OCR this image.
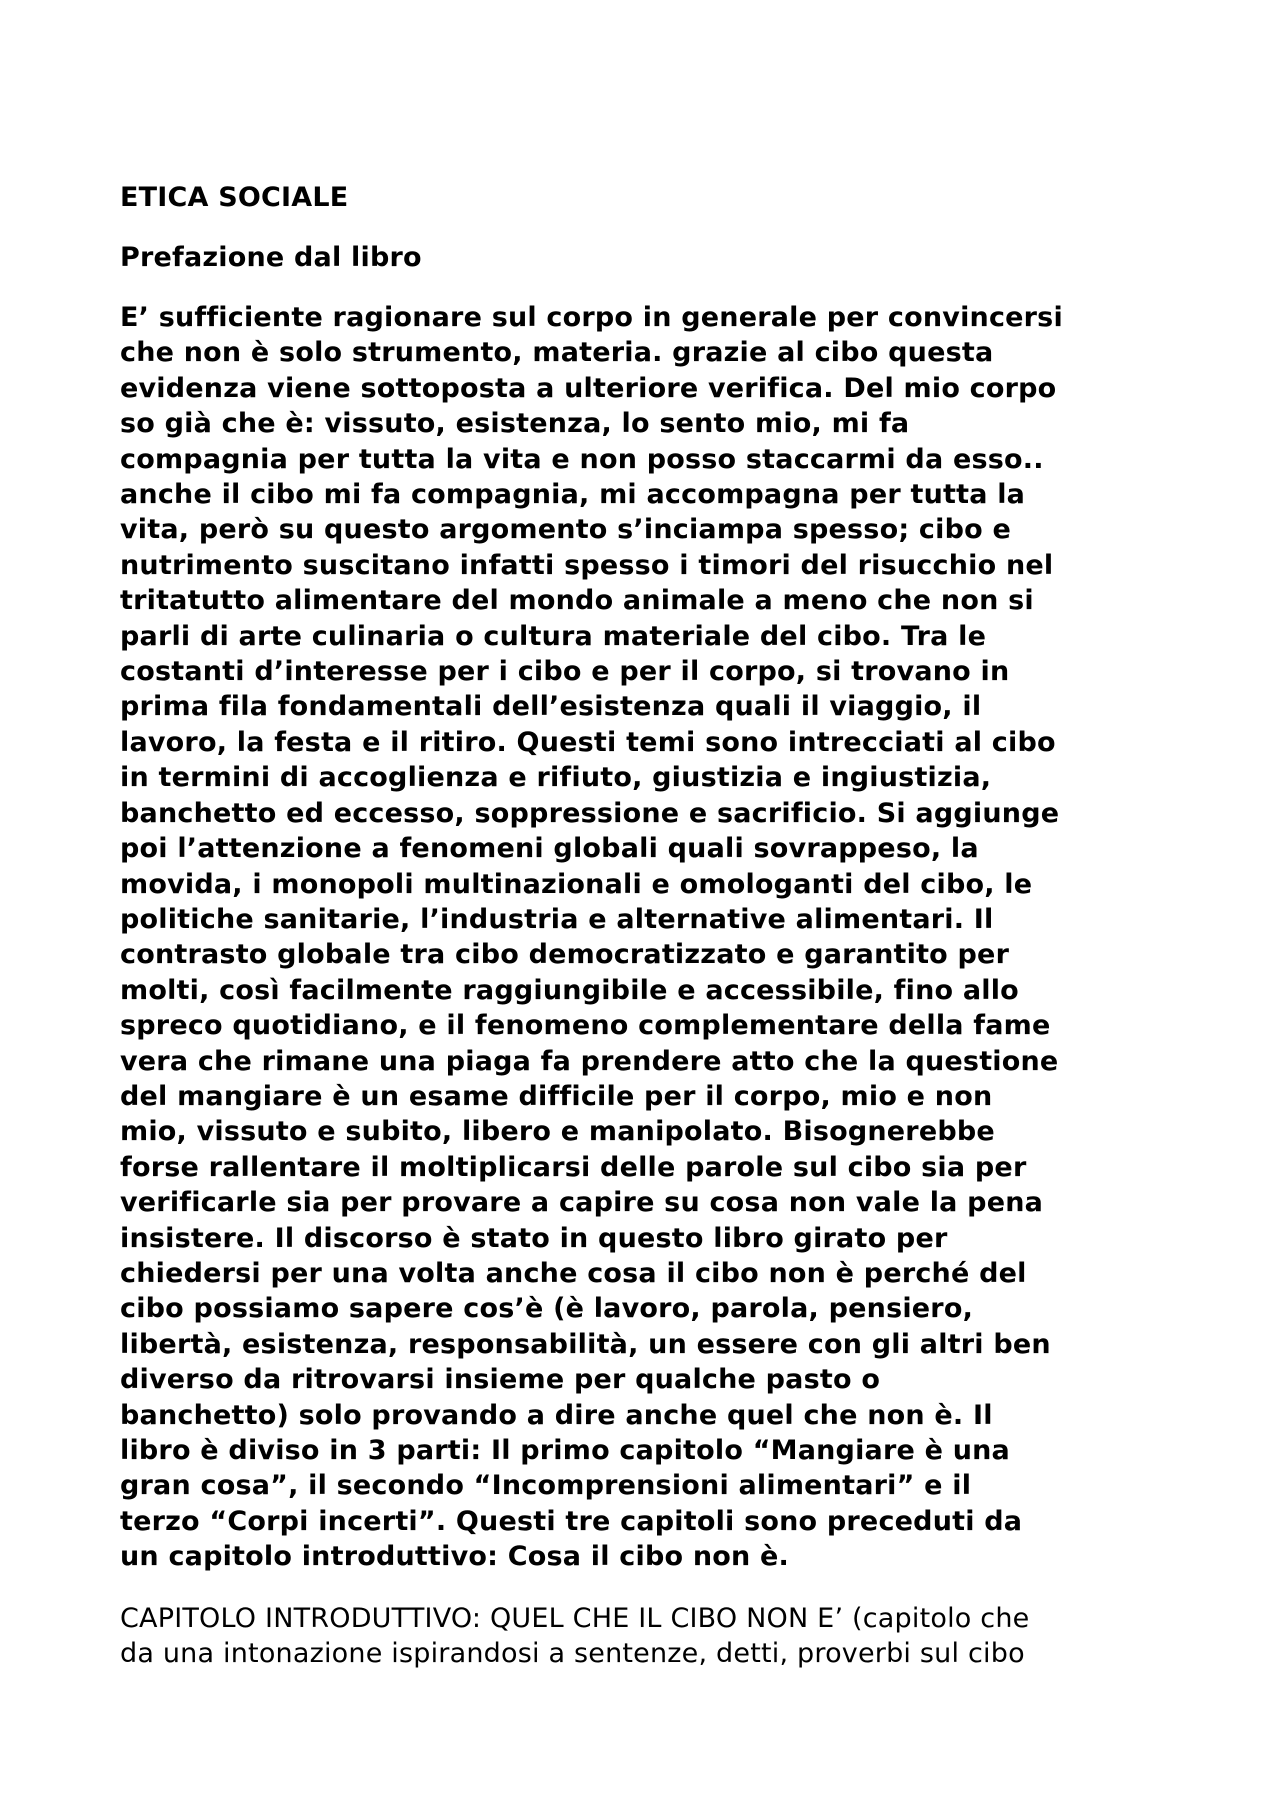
ETICA SOCIALE
Prefazione dal libro
E’ sufficiente ragionare sul corpo in generale per convincersi
che non è solo strumento, materia. grazie al cibo questa
evidenza viene sottoposta a ulteriore verifica. Del mio corpo
so già che è: vissuto, esistenza, lo sento mio, mi fa
compagnia per tutta la vita e non posso staccarmi da esso..
anche il cibo mi fa compagnia, mi accompagna per tutta la
vita, però su questo argomento s’inciampa spesso; cibo e
nutrimento suscitano infatti spesso i timori del risucchio nel
tritatutto alimentare del mondo animale a meno che non si
parli di arte culinaria o cultura materiale del cibo. Tra le
costanti d’interesse per i cibo e per il corpo, si trovano in
prima fila fondamentali dell’esistenza quali il viaggio, il
lavoro, la festa e il ritiro. Questi temi sono intrecciati al cibo
in termini di accoglienza e rifiuto, giustizia e ingiustizia,
banchetto ed eccesso, soppressione e sacrificio. Si aggiunge
poi l’attenzione a fenomeni globali quali sovrappeso, la
movida, i monopoli multinazionali e omologanti del cibo, le
politiche sanitarie, l’industria e alternative alimentari. Il
contrasto globale tra cibo democratizzato e garantito per
molti, così facilmente raggiungibile e accessibile, fino allo
spreco quotidiano, e il fenomeno complementare della fame
vera che rimane una piaga fa prendere atto che la questione
del mangiare è un esame difficile per il corpo, mio e non
mio, vissuto e subito, libero e manipolato. Bisognerebbe
forse rallentare il moltiplicarsi delle parole sul cibo sia per
verificarle sia per provare a capire su cosa non vale la pena
insistere. Il discorso è stato in questo libro girato per
chiedersi per una volta anche cosa il cibo non è perché del
cibo possiamo sapere cos’è (è lavoro, parola, pensiero,
libertà, esistenza, responsabilità, un essere con gli altri ben
diverso da ritrovarsi insieme per qualche pasto o
banchetto) solo provando a dire anche quel che non è. Il
libro è diviso in 3 parti: Il primo capitolo “Mangiare è una
gran cosa”, il secondo “Incomprensioni alimentari” e il
terzo “Corpi incerti”. Questi tre capitoli sono preceduti da
un capitolo introduttivo: Cosa il cibo non è.
CAPITOLO INTRODUTTIVO: QUEL CHE IL CIBO NON E’ (capitolo che
da una intonazione ispirandosi a sentenze, detti, proverbi sul cibo
